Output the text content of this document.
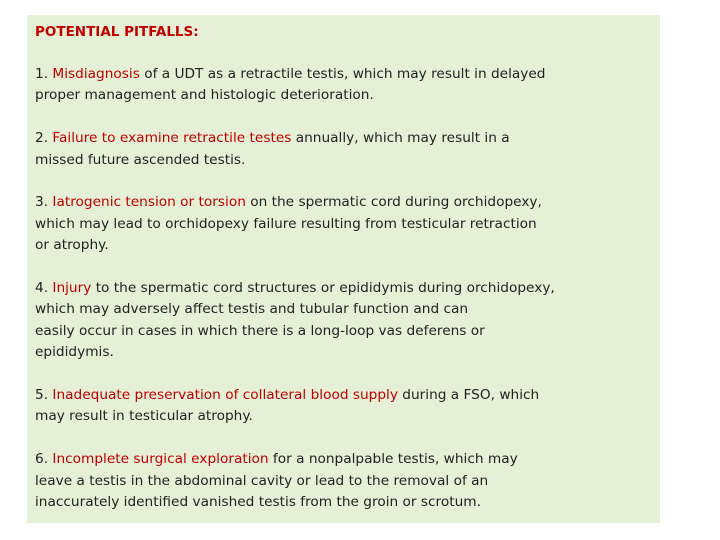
POTENTIAL PITFALLS:
1. Misdiagnosis of a UDT as a retractile testis, which may result in delayed
proper management and histologic deterioration.
2. Failure to examine retractile testes annually, which may result in a
missed future ascended testis.
3. Iatrogenic tension or torsion on the spermatic cord during orchidopexy,
which may lead to orchidopexy failure resulting from testicular retraction
or atrophy.
4. Injury to the spermatic cord structures or epididymis during orchidopexy,
which may adversely affect testis and tubular function and can
easily occur in cases in which there is a long-loop vas deferens or
epididymis.
5. Inadequate preservation of collateral blood supply during a FSO, which
may result in testicular atrophy.
6. Incomplete surgical exploration for a nonpalpable testis, which may
leave a testis in the abdominal cavity or lead to the removal of an
inaccurately identified vanished testis from the groin or scrotum.
